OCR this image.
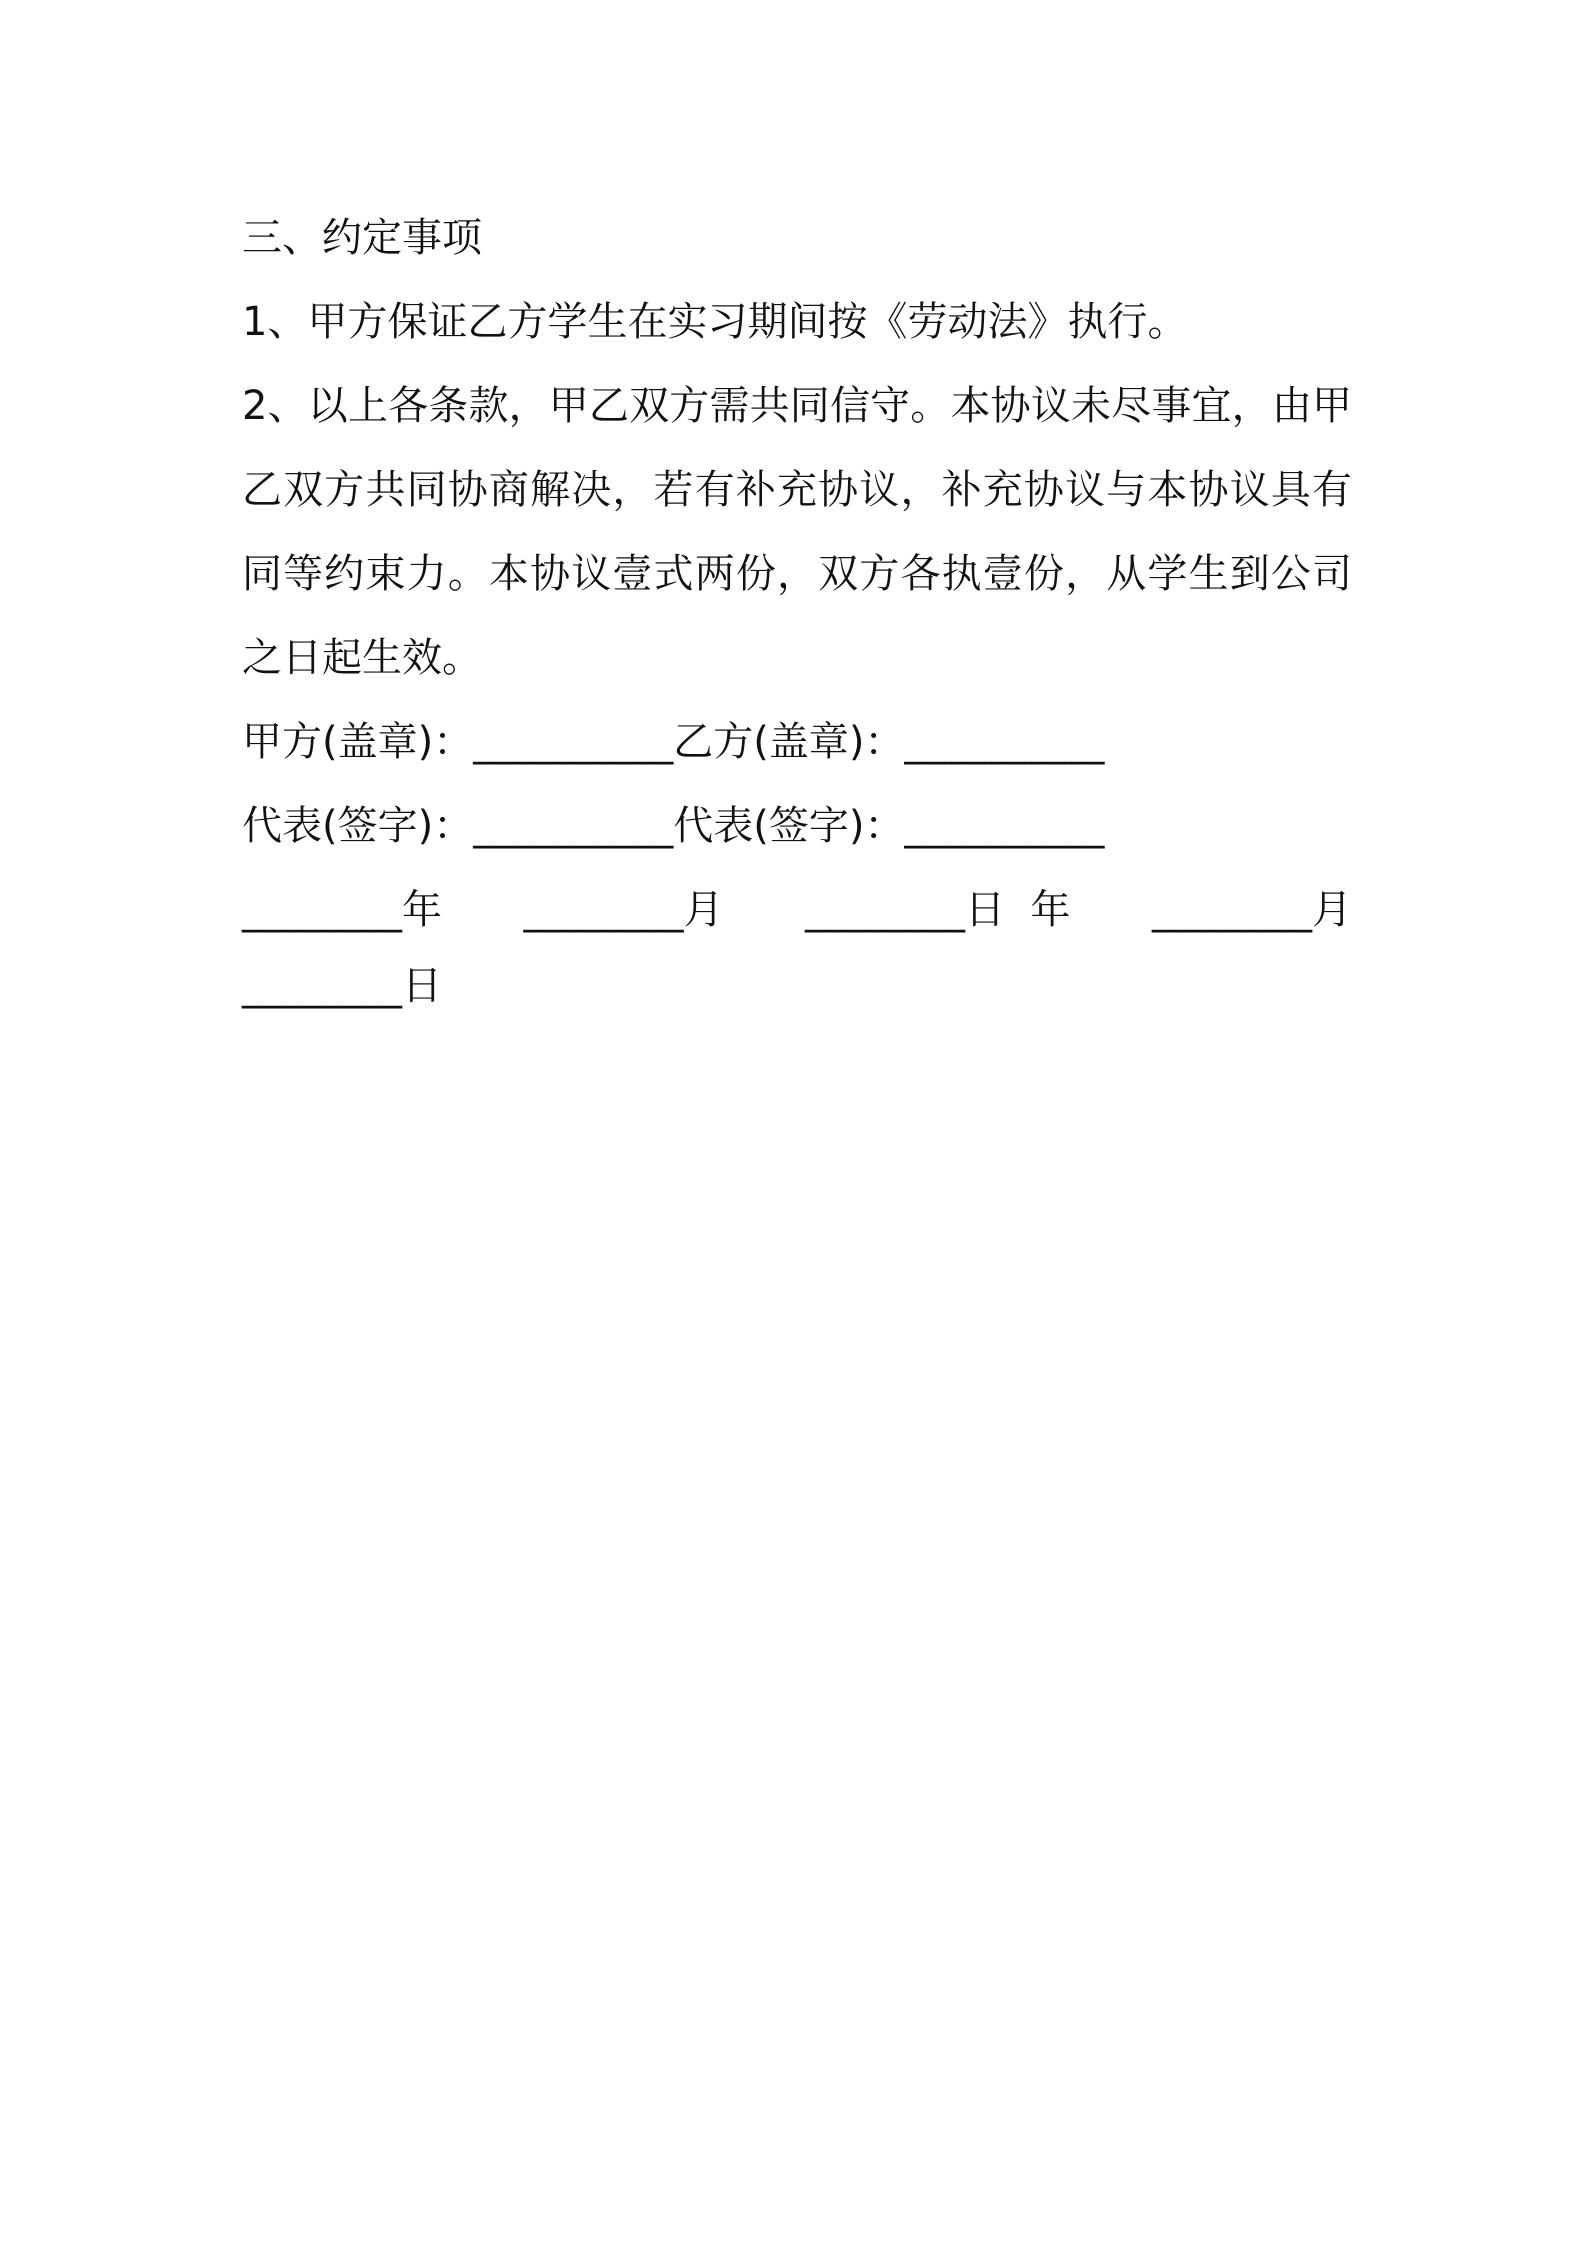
三、约定事项
1、甲方保证乙方学生在实习期间按《劳动法》执行。
2、以上各条款，甲乙双方需共同信守。本协议未尽事宜，由甲乙双方共同协商解决，若有补充协议，补充协议与本协议具有同等约束力。本协议壹式两份，双方各执壹份，从学生到公司之日起生效。
甲方(盖章)：__________ 乙方(盖章)：__________
代表(签字)：__________ 代表(签字)：__________
________年 ________月 ________日  年 ________月
________日
